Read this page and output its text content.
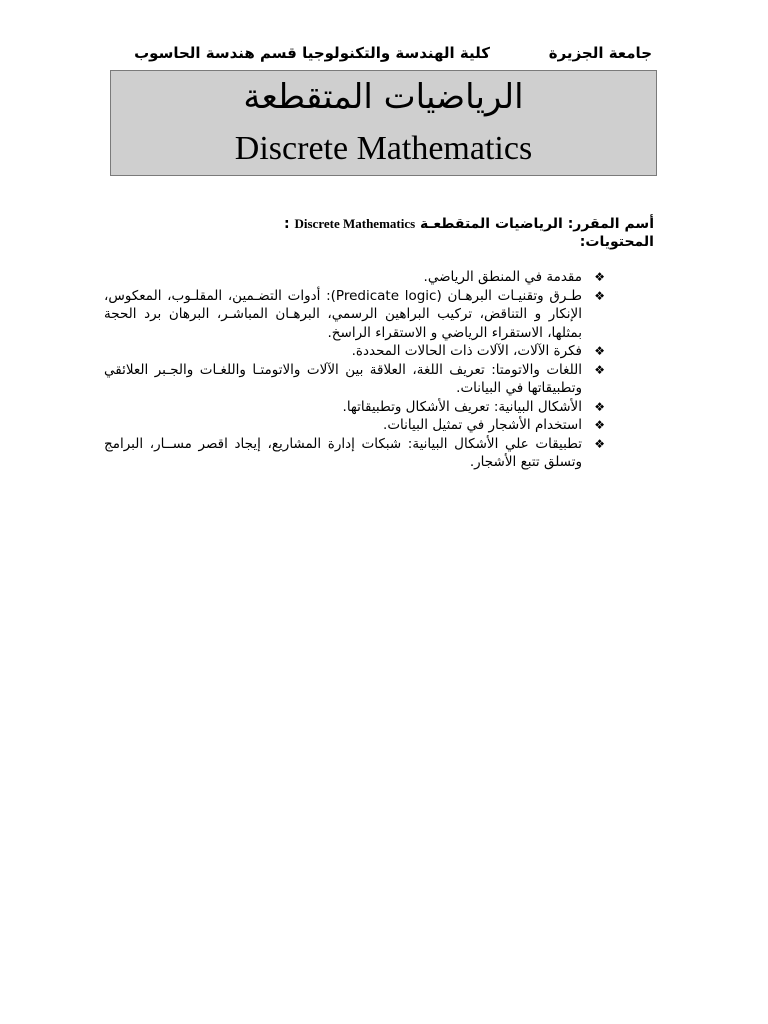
جامعة الجزيرة
كلية الهندسة والتكنولوجيا قسم هندسة الحاسوب
الرياضيات المتقطعة
Discrete Mathematics
أسم المقرر: الرياضيات المتقطعـة Discrete Mathematics :
المحتويات:
❖
مقدمة في المنطق الرياضي.
❖
طـرق وتقنيـات البرهـان (Predicate logic): أدوات التضـمين، المقلـوب، المعكوس، الإنكار و التناقض، تركيب البراهين الرسمي، البرهـان المباشـر، البرهان برد الحجة بمثلها، الاستقراء الرياضي و الاستقراء الراسخ.
❖
فكرة الآلات، الآلات ذات الحالات المحددة.
❖
اللغات والاتومتا: تعريف اللغة، العلاقة بين الآلات والاتومتـا واللغـات والجـبر العلائقي وتطبيقاتها في البيانات.
❖
الأشكال البيانية: تعريف الأشكال وتطبيقاتها.
❖
استخدام الأشجار في تمثيل البيانات.
❖
تطبيقات علي الأشكال البيانية: شبكات إدارة المشاريع، إيجاد اقصر مســار، البرامج وتسلق تتبع الأشجار.
